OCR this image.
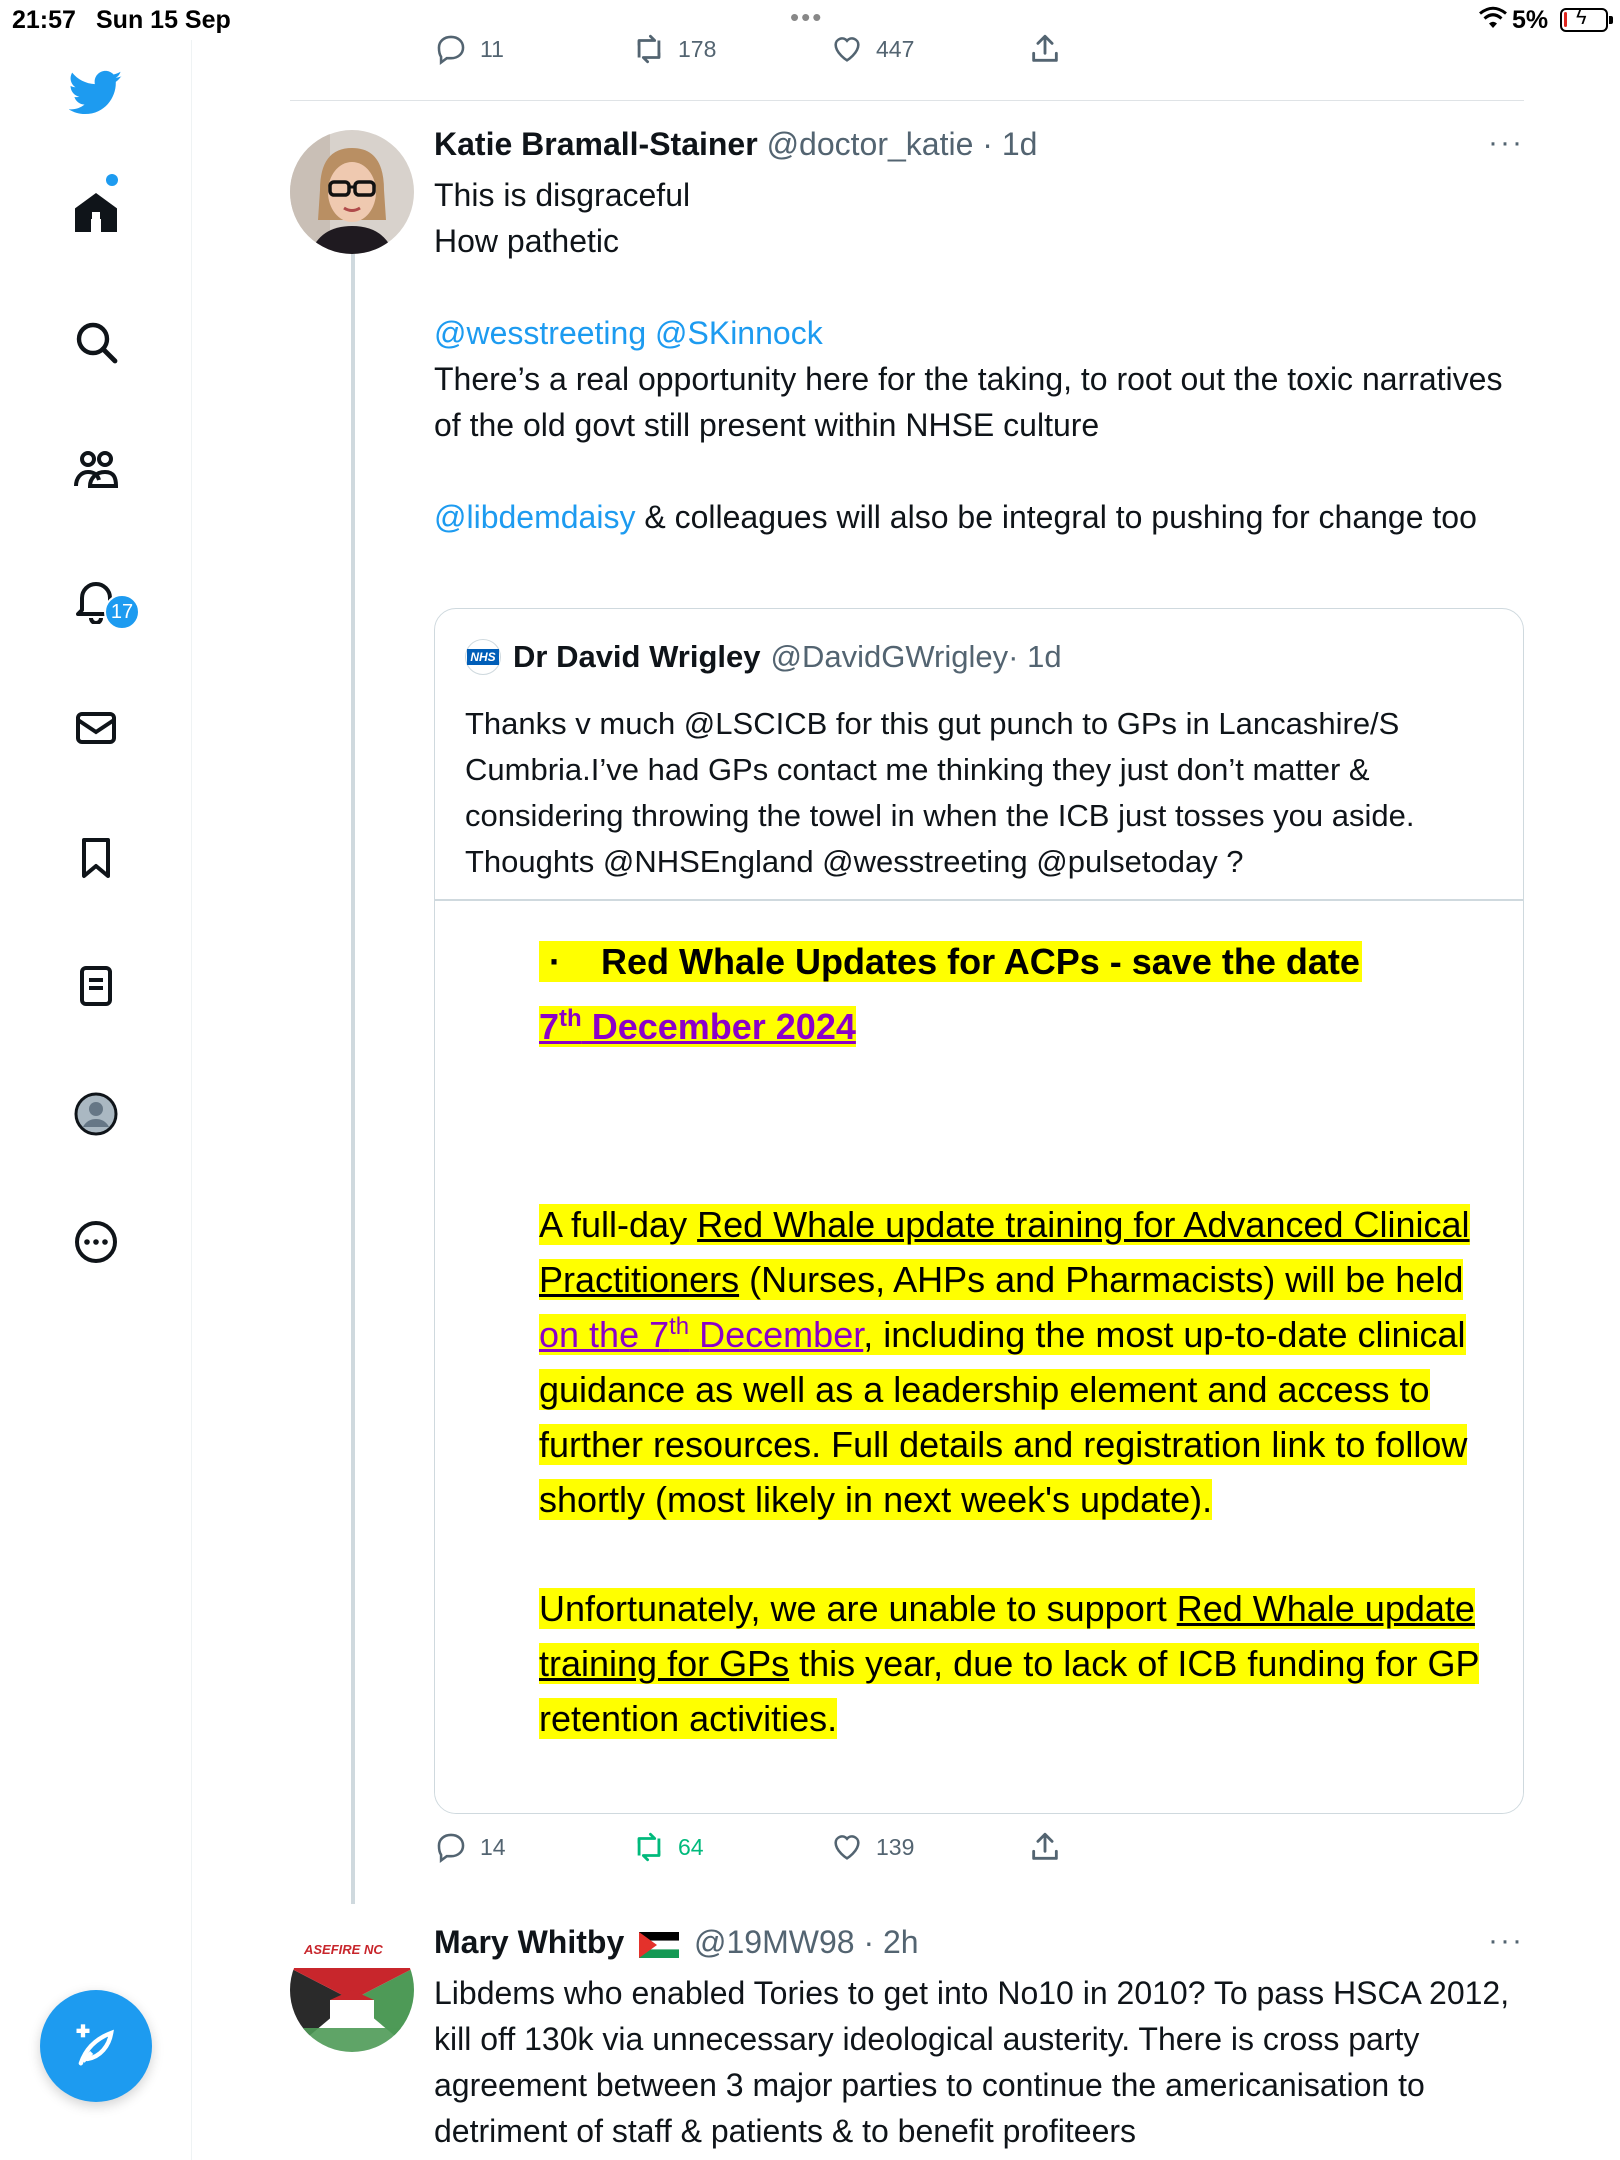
21:57 Sun 15 Sep	•••	5% ϟ
17
11	178	447
Katie Bramall-Stainer @doctor_katie · 1d	···

This is disgraceful

How pathetic

@wesstreeting @SKinnock

There’s a real opportunity here for the taking, to root out the toxic narratives of the old govt still present within NHSE culture

@libdemdaisy & colleagues will also be integral to pushing for change too

NHS Dr David Wrigley @DavidGWrigley · 1d
Thanks v much @LSCICB for this gut punch to GPs in Lancashire/S Cumbria.I’ve had GPs contact me thinking they just don’t matter & considering throwing the towel in when the ICB just tosses you aside. Thoughts @NHSEngland @wesstreeting @pulsetoday ?
· Red Whale Updates for ACPs - save the date
7th December 2024
A full-day Red Whale update training for Advanced Clinical Practitioners (Nurses, AHPs and Pharmacists) will be held on the 7th December, including the most up-to-date clinical guidance as well as a leadership element and access to further resources. Full details and registration link to follow shortly (most likely in next week's update).
Unfortunately, we are unable to support Red Whale update training for GPs this year, due to lack of ICB funding for GP retention activities.
14	64	139
ASEFIRE NC Mary Whitby @19MW98 · 2h	···
Libdems who enabled Tories to get into No10 in 2010? To pass HSCA 2012, kill off 130k via unnecessary ideological austerity. There is cross party agreement between 3 major parties to continue the americanisation to detriment of staff & patients & to benefit profiteers
